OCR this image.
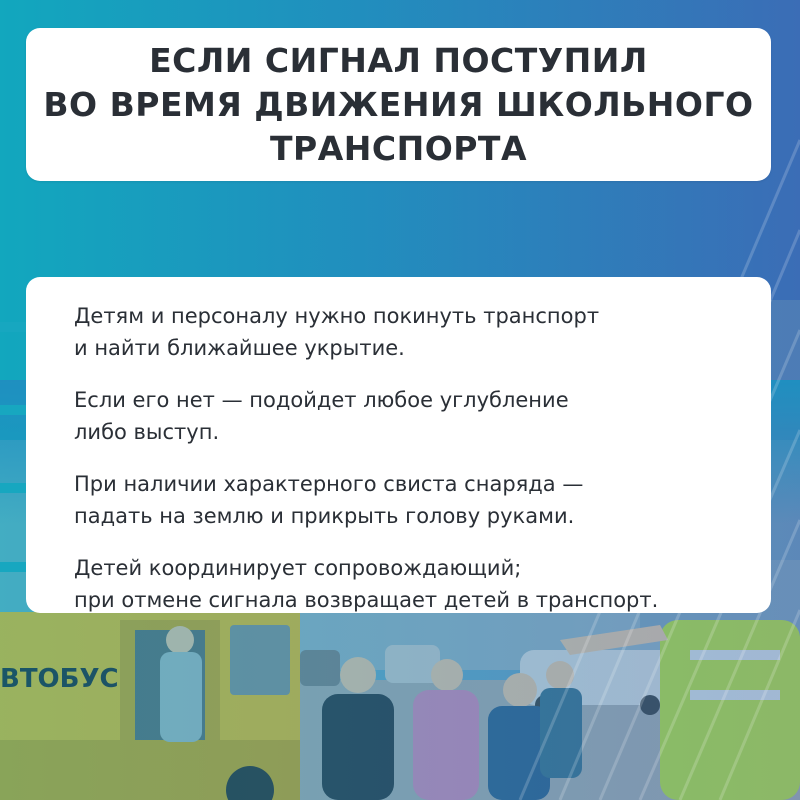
ЕСЛИ СИГНАЛ ПОСТУПИЛ
ВО ВРЕМЯ ДВИЖЕНИЯ ШКОЛЬНОГО
ТРАНСПОРТА
Детям и персоналу нужно покинуть транспорт
и найти ближайшее укрытие.
Если его нет — подойдет любое углубление
либо выступ.
При наличии характерного свиста снаряда —
падать на землю и прикрыть голову руками.
Детей координирует сопровождающий;
при отмене сигнала возвращает детей в транспорт.
